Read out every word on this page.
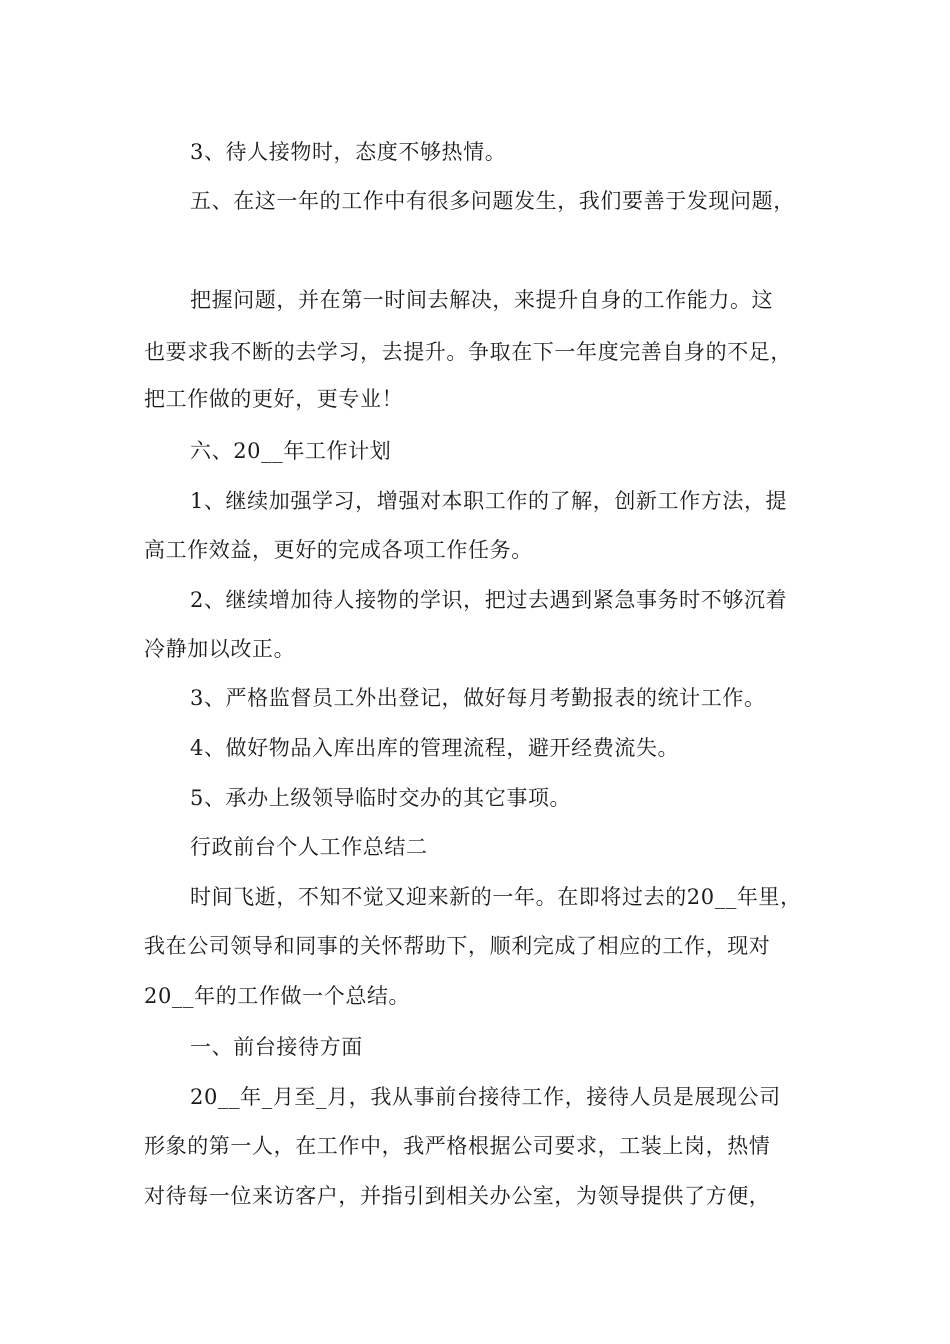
3、待人接物时，态度不够热情。

五、在这一年的工作中有很多问题发生，我们要善于发现问题，

把握问题，并在第一时间去解决，来提升自身的工作能力。这

也要求我不断的去学习，去提升。争取在下一年度完善自身的不足，

把工作做的更好，更专业！

六、20__年工作计划

1、继续加强学习，增强对本职工作的了解，创新工作方法，提

高工作效益，更好的完成各项工作任务。

2、继续增加待人接物的学识，把过去遇到紧急事务时不够沉着

冷静加以改正。

3、严格监督员工外出登记，做好每月考勤报表的统计工作。

4、做好物品入库出库的管理流程，避开经费流失。

5、承办上级领导临时交办的其它事项。

行政前台个人工作总结二

时间飞逝，不知不觉又迎来新的一年。在即将过去的20__年里，

我在公司领导和同事的关怀帮助下，顺利完成了相应的工作，现对

20__年的工作做一个总结。

一、前台接待方面

20__年_月至_月，我从事前台接待工作，接待人员是展现公司

形象的第一人，在工作中，我严格根据公司要求，工装上岗，热情

对待每一位来访客户，并指引到相关办公室，为领导提供了方便，
